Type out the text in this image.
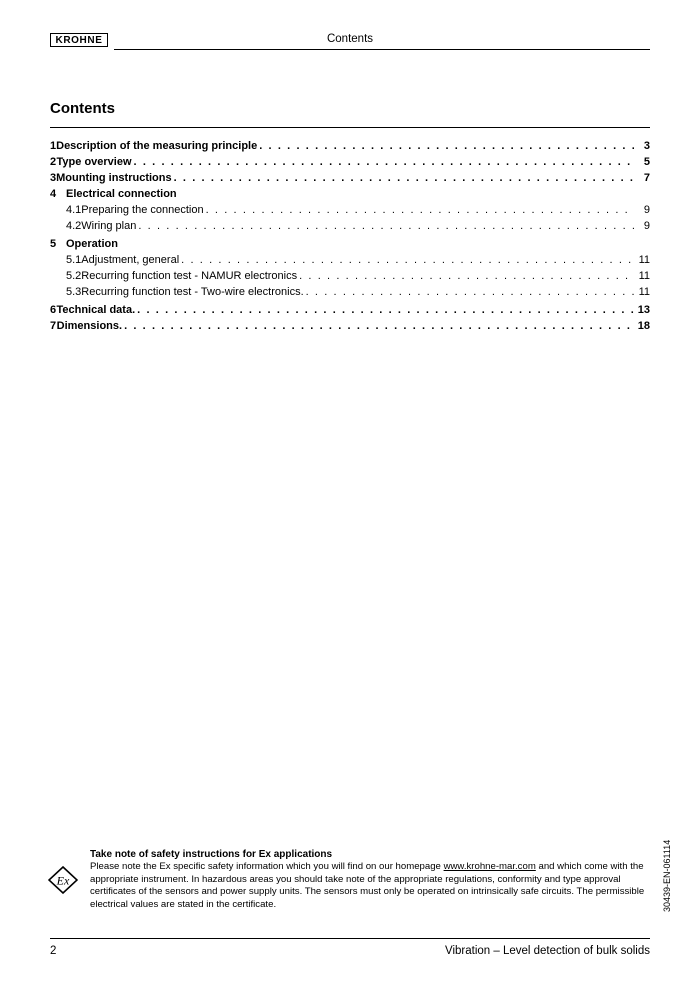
KROHNE	Contents
Contents
1 Description of the measuring principle . . .	3
2 Type overview . . .	5
3 Mounting instructions . . .	7
4 Electrical connection
4.1 Preparing the connection . . .	9
4.2 Wiring plan . . .	9
5 Operation
5.1 Adjustment, general . . .	11
5.2 Recurring function test - NAMUR electronics . . .	11
5.3 Recurring function test - Two-wire electronics. . . .	11
6 Technical data. . . .	13
7 Dimensions. . . .	18
30439-EN-061114
Ex
Take note of safety instructions for Ex applications
Please note the Ex specific safety information which you will find on our homepage www.krohne-mar.com and which come with the appropriate instrument. In hazardous areas you should take note of the appropriate regulations, conformity and type approval certificates of the sensors and power supply units. The sensors must only be operated on intrinsically safe circuits. The permissible electrical values are stated in the certificate.
2	Vibration – Level detection of bulk solids
